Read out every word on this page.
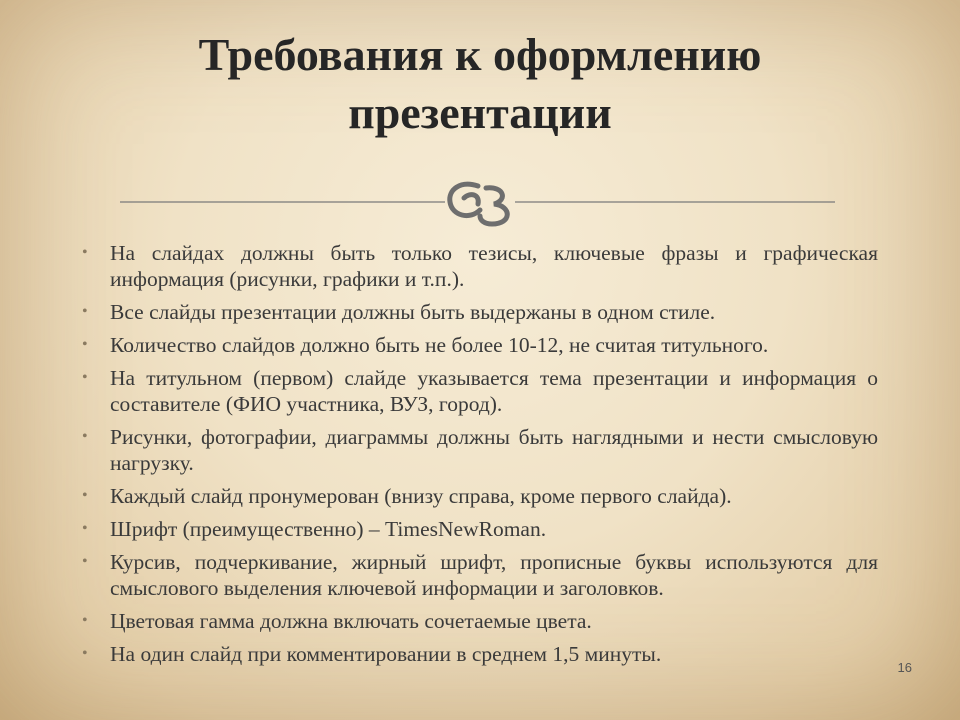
Требования к оформлению
презентации
• На слайдах должны быть только тезисы, ключевые фразы и графическая информация (рисунки, графики и т.п.).
• Все слайды презентации должны быть выдержаны в одном стиле.
• Количество слайдов должно быть не более 10-12, не считая титульного.
• На титульном (первом) слайде указывается тема презентации и информация о составителе (ФИО участника, ВУЗ, город).
• Рисунки, фотографии, диаграммы должны быть наглядными и нести смысловую нагрузку.
• Каждый слайд пронумерован (внизу справа, кроме первого слайда).
• Шрифт (преимущественно) – TimesNewRoman.
• Курсив, подчеркивание, жирный шрифт, прописные буквы используются для смыслового выделения ключевой информации и заголовков.
• Цветовая гамма должна включать сочетаемые цвета.
• На один слайд при комментировании в среднем 1,5 минуты.
16
